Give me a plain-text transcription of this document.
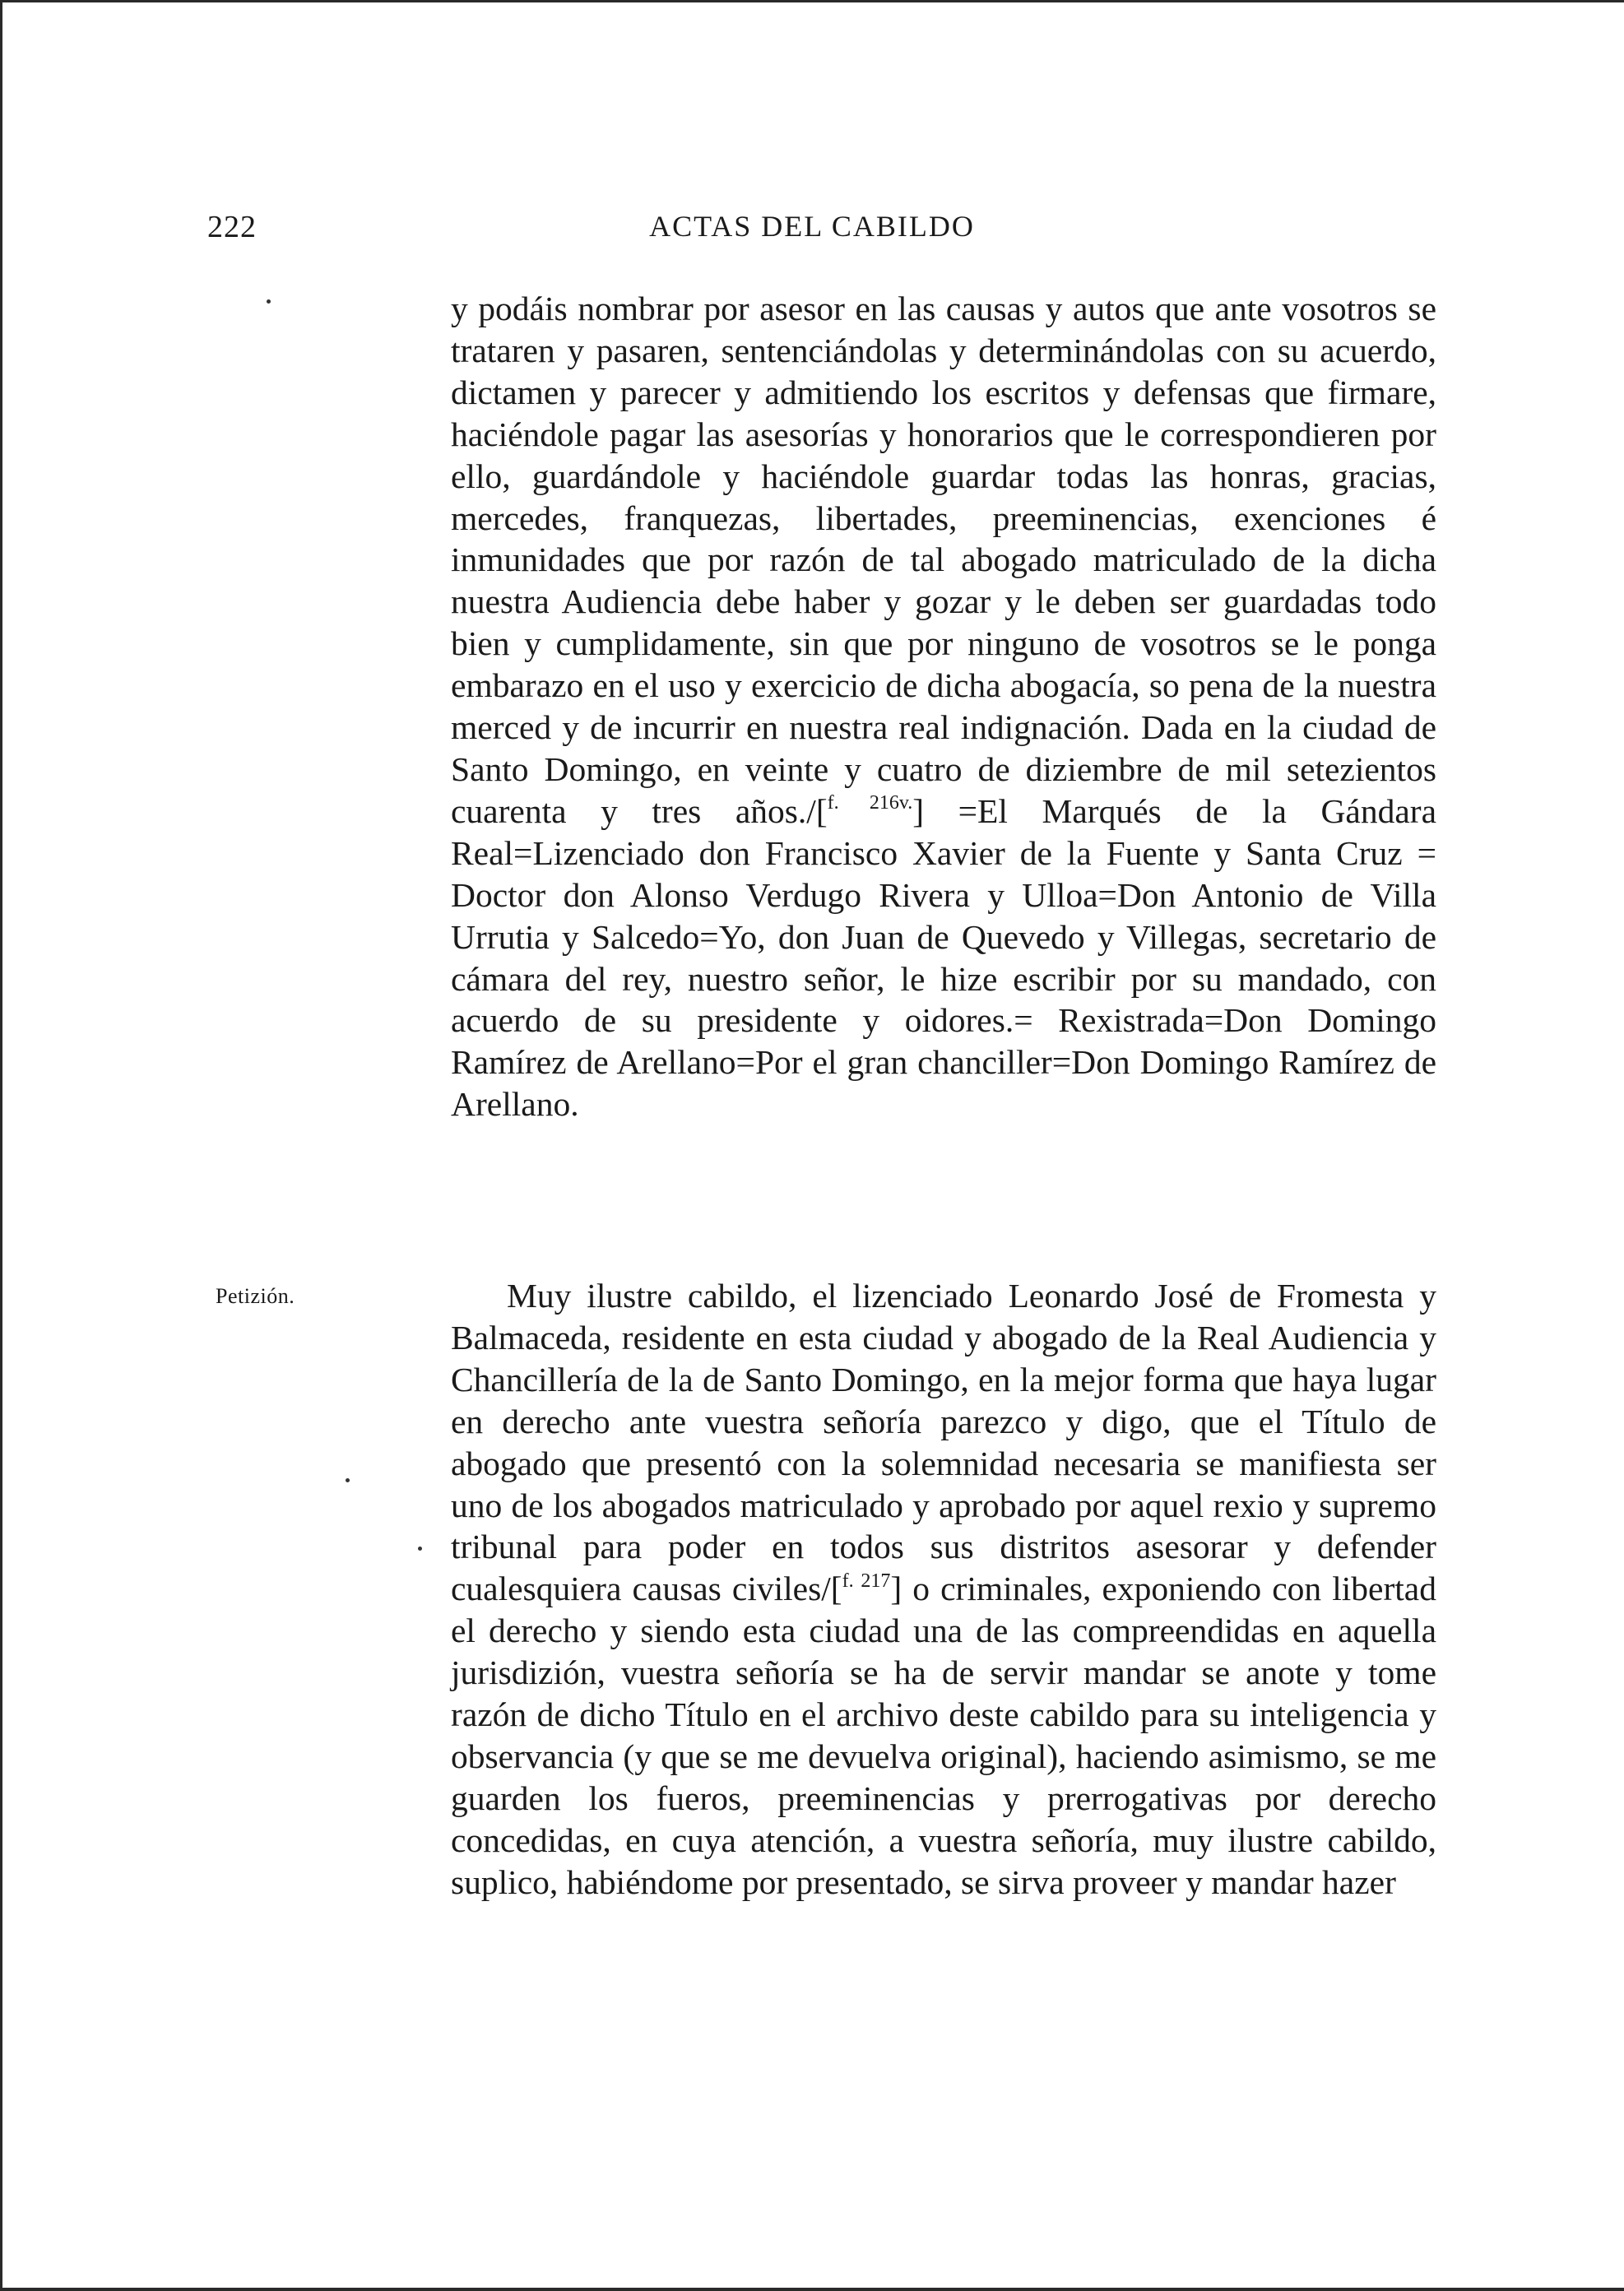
222	ACTAS DEL CABILDO
y podáis nombrar por asesor en las causas y autos que ante vosotros se trataren y pasaren, sentenciándolas y determinándolas con su acuerdo, dictamen y parecer y admitiendo los escritos y defensas que firmare, haciéndole pagar las asesorías y honorarios que le correspondieren por ello, guardándole y haciéndole guardar todas las honras, gracias, mercedes, franquezas, libertades, preeminencias, exenciones é inmunidades que por razón de tal abogado matriculado de la dicha nuestra Audiencia debe haber y gozar y le deben ser guardadas todo bien y cumplidamente, sin que por ninguno de vosotros se le ponga embarazo en el uso y exercicio de dicha abogacía, so pena de la nuestra merced y de incurrir en nuestra real indignación. Dada en la ciudad de Santo Domingo, en veinte y cuatro de diziembre de mil setezientos cuarenta y tres años./[$^{f. 216v.}$] =El Marqués de la Gándara Real=Lizenciado don Francisco Xavier de la Fuente y Santa Cruz = Doctor don Alonso Verdugo Rivera y Ulloa=Don Antonio de Villa Urrutia y Salcedo=Yo, don Juan de Quevedo y Villegas, secretario de cámara del rey, nuestro señor, le hize escribir por su mandado, con acuerdo de su presidente y oidores.= Rexistrada=Don Domingo Ramírez de Arellano=Por el gran chanciller=Don Domingo Ramírez de Arellano.
Petizión.	Muy ilustre cabildo, el lizenciado Leonardo José de Fromesta y Balmaceda, residente en esta ciudad y abogado de la Real Audiencia y Chancillería de la de Santo Domingo, en la mejor forma que haya lugar en derecho ante vuestra señoría parezco y digo, que el Título de abogado que presentó con la solemnidad necesaria se manifiesta ser uno de los abogados matriculado y aprobado por aquel rexio y supremo tribunal para poder en todos sus distritos asesorar y defender cualesquiera causas civiles/[$^{f. 217}$] o criminales, exponiendo con libertad el derecho y siendo esta ciudad una de las compreendidas en aquella jurisdizión, vuestra señoría se ha de servir mandar se anote y tome razón de dicho Título en el archivo deste cabildo para su inteligencia y observancia (y que se me devuelva original), haciendo asimismo, se me guarden los fueros, preeminencias y prerrogativas por derecho concedidas, en cuya atención, a vuestra señoría, muy ilustre cabildo, suplico, habiéndome por presentado, se sirva proveer y mandar hazer
